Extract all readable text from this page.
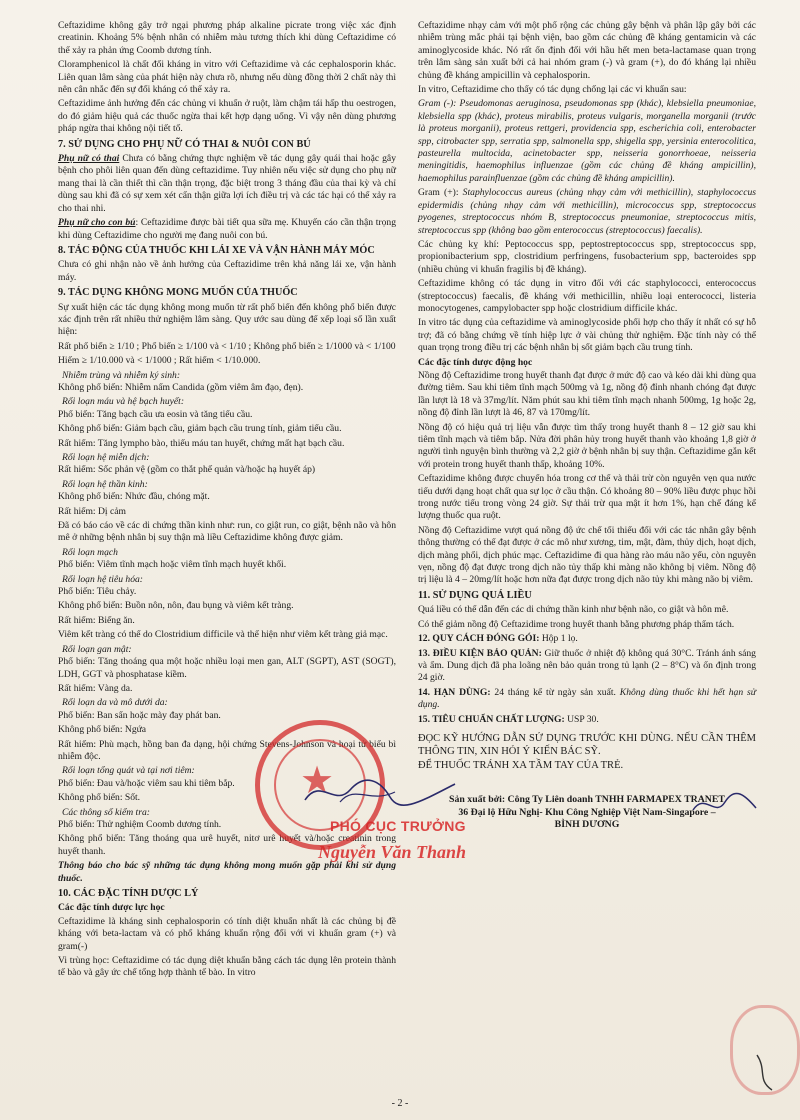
Ceftazidime không gây trở ngại phương pháp alkaline picrate trong việc xác định creatinin. Khoảng 5% bệnh nhân có nhiễm màu tương thích khi dùng Ceftazidime có thể xảy ra phản ứng Coomb dương tính.

Cloramphenicol là chất đối kháng in vitro với Ceftazidime và các cephalosporin khác. Liên quan lâm sàng của phát hiện này chưa rõ, nhưng nếu dùng đồng thời 2 chất này thì nên cân nhắc đến sự đối kháng có thể xảy ra.

Ceftazidime ảnh hưởng đến các chủng vi khuẩn ở ruột, làm chậm tái hấp thu oestrogen, do đó giảm hiệu quả các thuốc ngừa thai kết hợp dạng uống. Vì vậy nên dùng phương pháp ngừa thai không nội tiết tố.

7. SỬ DỤNG CHO PHỤ NỮ CÓ THAI & NUÔI CON BÚ

Phụ nữ có thai Chưa có bằng chứng thực nghiệm về tác dụng gây quái thai hoặc gây bệnh cho phôi liên quan đến dùng ceftazidime. Tuy nhiên nếu việc sử dụng cho phụ nữ mang thai là cần thiết thì cần thận trọng, đặc biệt trong 3 tháng đầu của thai kỳ và chỉ dùng sau khi đã có sự xem xét cẩn thận giữa lợi ích điều trị và các tác hại có thể xảy ra cho thai nhi.

Phụ nữ cho con bú: Ceftazidime được bài tiết qua sữa mẹ. Khuyến cáo cần thận trọng khi dùng Ceftazidime cho người mẹ đang nuôi con bú.

8. TÁC ĐỘNG CỦA THUỐC KHI LÁI XE VÀ VẬN HÀNH MÁY MÓC

Chưa có ghi nhận nào về ảnh hưởng của Ceftazidime trên khả năng lái xe, vận hành máy.

9. TÁC DỤNG KHÔNG MONG MUỐN CỦA THUỐC

Sự xuất hiện các tác dụng không mong muốn từ rất phổ biến đến không phổ biến được xác định trên rất nhiều thử nghiệm lâm sàng. Quy ước sau dùng để xếp loại số lần xuất hiện:

Rất phổ biến ≥ 1/10 ; Phổ biến ≥ 1/100 và < 1/10 ; Không phổ biến ≥ 1/1000 và < 1/100

Hiếm ≥ 1/10.000 và < 1/1000 ; Rất hiếm < 1/10.000.

Nhiễm trùng và nhiễm ký sinh:
Không phổ biến: Nhiễm nấm Candida (gồm viêm âm đạo, đẹn).
Rối loạn máu và hệ bạch huyết:
Phổ biến: Tăng bạch cầu ưa eosin và tăng tiểu cầu.
Không phổ biến: Giảm bạch cầu, giảm bạch cầu trung tính, giảm tiểu cầu.
Rất hiếm: Tăng lympho bào, thiếu máu tan huyết, chứng mất hạt bạch cầu.
Rối loạn hệ miễn dịch:
Rất hiếm: Sốc phản vệ (gồm co thắt phế quản và/hoặc hạ huyết áp)
Rối loạn hệ thần kinh:
Không phổ biến: Nhức đầu, chóng mặt.
Rất hiếm: Dị cảm
Đã có báo cáo về các di chứng thần kinh như: run, co giật run, co giật, bệnh não và hôn mê ở những bệnh nhân bị suy thận mà liều Ceftazidime không được giảm.
Rối loạn mạch
Phổ biến: Viêm tĩnh mạch hoặc viêm tĩnh mạch huyết khối.
Rối loạn hệ tiêu hóa:
Phổ biến: Tiêu chảy.
Không phổ biến: Buồn nôn, nôn, đau bụng và viêm kết tràng.
Rất hiếm: Biếng ăn.
Viêm kết tràng có thể do Clostridium difficile và thể hiện như viêm kết tràng giả mạc.
Rối loạn gan mật:
Phổ biến: Tăng thoáng qua một hoặc nhiều loại men gan, ALT (SGPT), AST (SOGT), LDH, GGT và phosphatase kiềm.
Rất hiếm: Vàng da.
Rối loạn da và mô dưới da:
Phổ biến: Ban sẩn hoặc mày đay phát ban.
Không phổ biến: Ngứa
Rất hiếm: Phù mạch, hồng ban đa dạng, hội chứng Stevens-Johnson và hoại tử biểu bì nhiễm độc.
Rối loạn tổng quát và tại nơi tiêm:
Phổ biến: Đau và/hoặc viêm sau khi tiêm bắp.
Không phổ biến: Sốt.
Các thông số kiểm tra:
Phổ biến: Thử nghiệm Coomb dương tính.
Không phổ biến: Tăng thoáng qua urê huyết, nitơ urê huyết và/hoặc creatinin trong huyết thanh.

Thông báo cho bác sỹ những tác dụng không mong muốn gặp phải khi sử dụng thuốc.

10. CÁC ĐẶC TÍNH DƯỢC LÝ
Các đặc tính dược lực học

Ceftazidime là kháng sinh cephalosporin có tính diệt khuẩn nhất là các chủng bị đề kháng với beta-lactam và có phổ kháng khuẩn rộng đối với vi khuẩn gram (+) và gram(-)

Vi trùng học: Ceftazidime có tác dụng diệt khuẩn bằng cách tác dụng lên protein thành tế bào và gây ức chế tổng hợp thành tế bào. In vitro

Ceftazidime nhạy cảm với một phổ rộng các chủng gây bệnh và phân lập gây bởi các nhiễm trùng mắc phải tại bệnh viện, bao gồm các chủng đề kháng gentamicin và các aminoglycoside khác. Nó rất ổn định đối với hầu hết men beta-lactamase quan trọng trên lâm sàng sản xuất bởi cả hai nhóm gram (-) và gram (+), do đó kháng lại nhiều chủng đề kháng ampicillin và cephalosporin.

In vitro, Ceftazidime cho thấy có tác dụng chống lại các vi khuẩn sau:

Gram (-): Pseudomonas aeruginosa, pseudomonas spp (khác), klebsiella pneumoniae, klebsiella spp (khác), proteus mirabilis, proteus vulgaris, morganella morganii (trước là proteus morganii), proteus rettgeri, providencia spp, escherichia coli, enterobacter spp, citrobacter spp, serratia spp, salmonella spp, shigella spp, yersinia enterocolitica, pasteurella multocida, acinetobacter spp, neisseria gonorrhoeae, neisseria meningitidis, haemophilus influenzae (gồm các chủng đề kháng ampicillin), haemophilus parainfluenzae (gồm các chủng đề kháng ampicillin).

Gram (+): Staphylococcus aureus (chủng nhạy cảm với methicillin), staphylococcus epidermidis (chủng nhạy cảm với methicillin), micrococcus spp, streptococcus pyogenes, streptococcus nhóm B, streptococcus pneumoniae, streptococcus mitis, streptococcus spp (không bao gồm enterococcus (streptococcus) faecalis).

Các chủng kỵ khí: Peptococcus spp, peptostreptococcus spp, streptococcus spp, propionibacterium spp, clostridium perfringens, fusobacterium spp, bacteroides spp (nhiều chủng vi khuẩn fragilis bị đề kháng).

Ceftazidime không có tác dụng in vitro đối với các staphylococci, enterococcus (streptococcus) faecalis, đề kháng với methicillin, nhiều loại enterococci, listeria monocytogenes, campylobacter spp hoặc clostridium difficile khác.

In vitro tác dụng của ceftazidime và aminoglycoside phối hợp cho thấy ít nhất có sự hỗ trợ; đã có bằng chứng về tính hiệp lực ở vài chủng thử nghiệm. Đặc tính này có thể quan trọng trong điều trị các bệnh nhân bị sốt giảm bạch cầu trung tính.

Các đặc tính dược động học

Nồng độ Ceftazidime trong huyết thanh đạt được ở mức độ cao và kéo dài khi dùng qua đường tiêm. Sau khi tiêm tĩnh mạch 500mg và 1g, nồng độ đỉnh nhanh chóng đạt được lần lượt là 18 và 37mg/lít. Năm phút sau khi tiêm tĩnh mạch nhanh 500mg, 1g hoặc 2g, nồng độ đỉnh lần lượt là 46, 87 và 170mg/lít.

Nồng độ có hiệu quả trị liệu vẫn được tìm thấy trong huyết thanh 8 – 12 giờ sau khi tiêm tĩnh mạch và tiêm bắp. Nửa đời phân hủy trong huyết thanh vào khoảng 1,8 giờ ở người tình nguyện bình thường và 2,2 giờ ở bệnh nhân bị suy thận. Ceftazidime gắn kết với protein trong huyết thanh thấp, khoảng 10%.

Ceftazidime không được chuyển hóa trong cơ thể và thải trừ còn nguyên vẹn qua nước tiểu dưới dạng hoạt chất qua sự lọc ở cầu thận. Có khoảng 80 – 90% liều được phục hồi trong nước tiểu trong vòng 24 giờ. Sự thải trừ qua mật ít hơn 1%, hạn chế đáng kể lượng thuốc qua ruột.

Nồng độ Ceftazidime vượt quá nồng độ ức chế tối thiểu đối với các tác nhân gây bệnh thông thường có thể đạt được ở các mô như xương, tim, mật, đàm, thủy dịch, hoạt dịch, dịch màng phổi, dịch phúc mạc. Ceftazidime đi qua hàng rào máu não yếu, còn nguyên vẹn, nồng độ đạt được trong dịch não tủy thấp khi màng não không bị viêm. Nồng độ trị liệu là 4 – 20mg/lít hoặc hơn nữa đạt được trong dịch não tủy khi màng não bị viêm.

11. SỬ DỤNG QUÁ LIỀU

Quá liều có thể dẫn đến các di chứng thần kinh như bệnh não, co giật và hôn mê.

Có thể giảm nồng độ Ceftazidime trong huyết thanh bằng phương pháp thẩm tách.

12. QUY CÁCH ĐÓNG GÓI: Hộp 1 lọ.

13. ĐIỀU KIỆN BẢO QUẢN: Giữ thuốc ở nhiệt độ không quá 30°C. Tránh ánh sáng và ẩm. Dung dịch đã pha loãng nên bảo quản trong tủ lạnh (2 – 8°C) và ổn định trong 24 giờ.

14. HẠN DÙNG: 24 tháng kể từ ngày sản xuất. Không dùng thuốc khi hết hạn sử dụng.

15. TIÊU CHUẨN CHẤT LƯỢNG: USP 30.

ĐỌC KỸ HƯỚNG DẪN SỬ DỤNG TRƯỚC KHI DÙNG. NẾU CẦN THÊM THÔNG TIN, XIN HỎI Ý KIẾN BÁC SỸ.

ĐỂ THUỐC TRÁNH XA TẦM TAY CỦA TRẺ.

Sản xuất bởi: Công Ty Liên doanh TNHH FARMAPEX TRANET
36 Đại lộ Hữu Nghị- Khu Công Nghiệp Việt Nam-Singapore –
BÌNH DƯƠNG
★
PHÓ CỤC TRƯỞNG
Nguyễn Văn Thanh
- 2 -
